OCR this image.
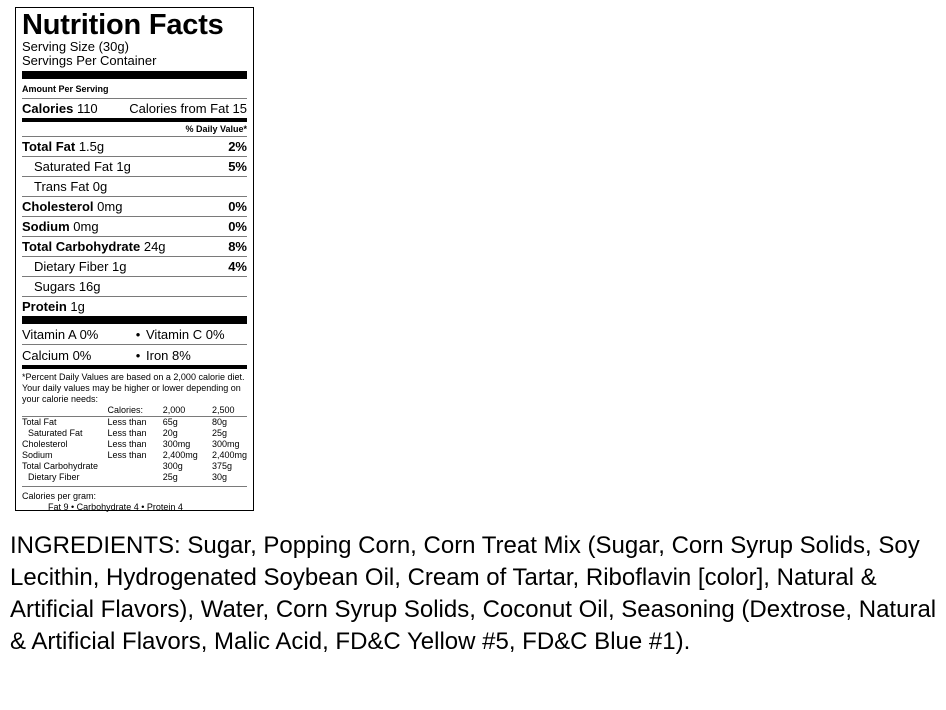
Nutrition Facts
Serving Size (30g)
Servings Per Container
Amount Per Serving
Calories 110 Calories from Fat 15
% Daily Value*
Total Fat 1.5g	2%
Saturated Fat 1g	5%
Trans Fat 0g
Cholesterol 0mg	0%
Sodium 0mg	0%
Total Carbohydrate 24g	8%
Dietary Fiber 1g	4%
Sugars 16g
Protein 1g
Vitamin A 0%	• Vitamin C 0%
Calcium 0%	• Iron 8%
*Percent Daily Values are based on a 2,000 calorie diet. Your daily values may be higher or lower depending on your calorie needs:
	Calories:	2,000	2,500
Total Fat	Less than	65g	80g
Saturated Fat	Less than	20g	25g
Cholesterol	Less than	300mg	300mg
Sodium	Less than	2,400mg	2,400mg
Total Carbohydrate		300g	375g
Dietary Fiber		25g	30g

Calories per gram:
Fat 9 • Carbohydrate 4 • Protein 4
INGREDIENTS: Sugar, Popping Corn, Corn Treat Mix (Sugar, Corn Syrup Solids, Soy Lecithin, Hydrogenated Soybean Oil, Cream of Tartar, Riboflavin [color], Natural & Artificial Flavors), Water, Corn Syrup Solids, Coconut Oil, Seasoning (Dextrose, Natural & Artificial Flavors, Malic Acid, FD&C Yellow #5, FD&C Blue #1).
